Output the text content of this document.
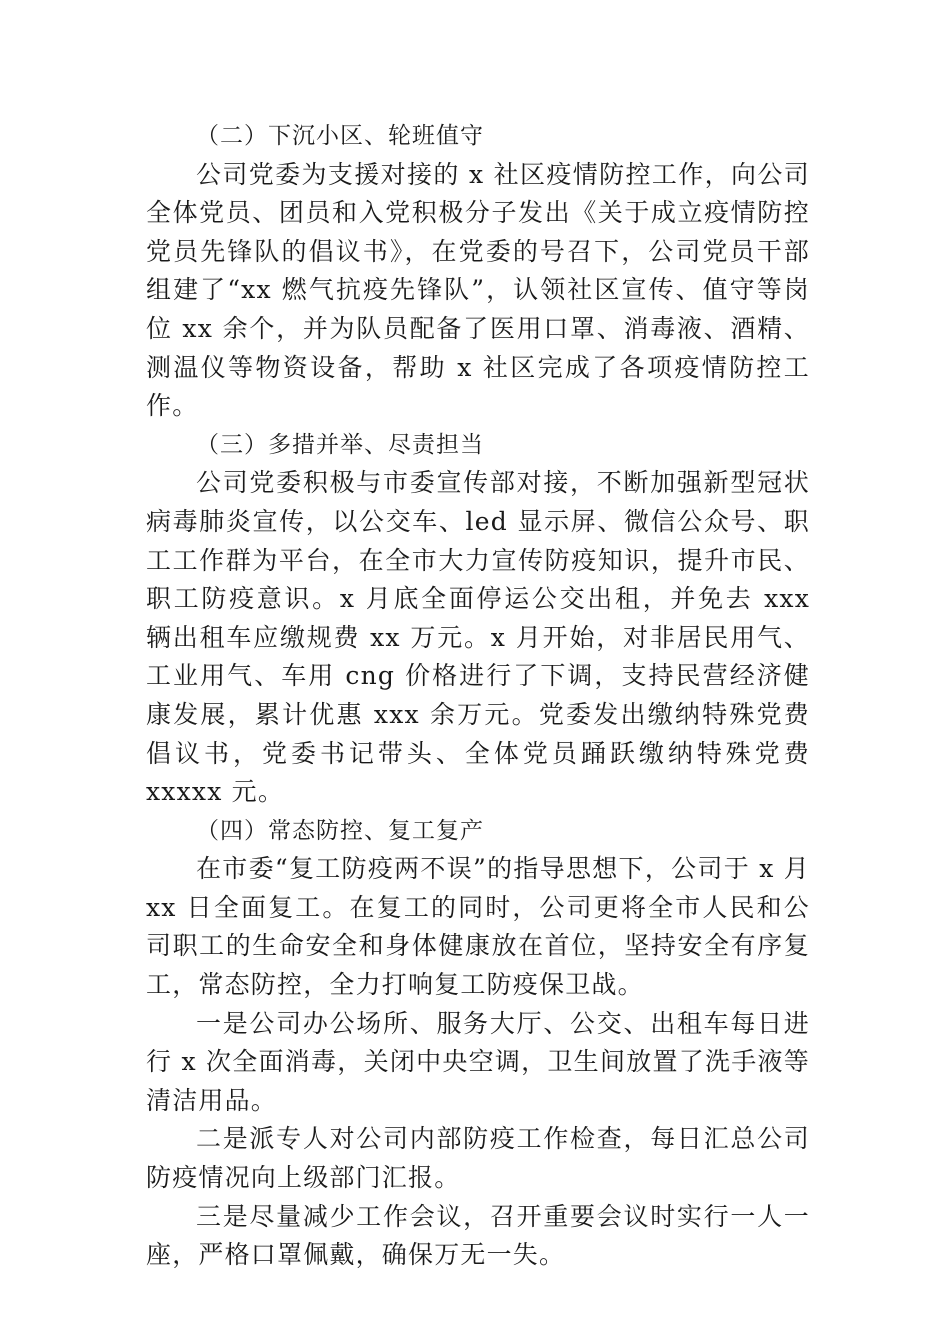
（二）下沉小区、轮班值守

公司党委为支援对接的 x 社区疫情防控工作，向公司全体党员、团员和入党积极分子发出《关于成立疫情防控党员先锋队的倡议书》，在党委的号召下，公司党员干部组建了“xx 燃气抗疫先锋队”，认领社区宣传、值守等岗位 xx 余个，并为队员配备了医用口罩、消毒液、酒精、测温仪等物资设备，帮助 x 社区完成了各项疫情防控工作。

（三）多措并举、尽责担当

公司党委积极与市委宣传部对接，不断加强新型冠状病毒肺炎宣传，以公交车、led 显示屏、微信公众号、职工工作群为平台，在全市大力宣传防疫知识，提升市民、职工防疫意识。x 月底全面停运公交出租，并免去 xxx 辆出租车应缴规费 xx 万元。x 月开始，对非居民用气、工业用气、车用 cng 价格进行了下调，支持民营经济健康发展，累计优惠 xxx 余万元。党委发出缴纳特殊党费倡议书，党委书记带头、全体党员踊跃缴纳特殊党费 xxxxx 元。

（四）常态防控、复工复产

在市委“复工防疫两不误”的指导思想下，公司于 x 月 xx 日全面复工。在复工的同时，公司更将全市人民和公司职工的生命安全和身体健康放在首位，坚持安全有序复工，常态防控，全力打响复工防疫保卫战。

一是公司办公场所、服务大厅、公交、出租车每日进行 x 次全面消毒，关闭中央空调，卫生间放置了洗手液等清洁用品。

二是派专人对公司内部防疫工作检查，每日汇总公司防疫情况向上级部门汇报。

三是尽量减少工作会议，召开重要会议时实行一人一座，严格口罩佩戴，确保万无一失。
